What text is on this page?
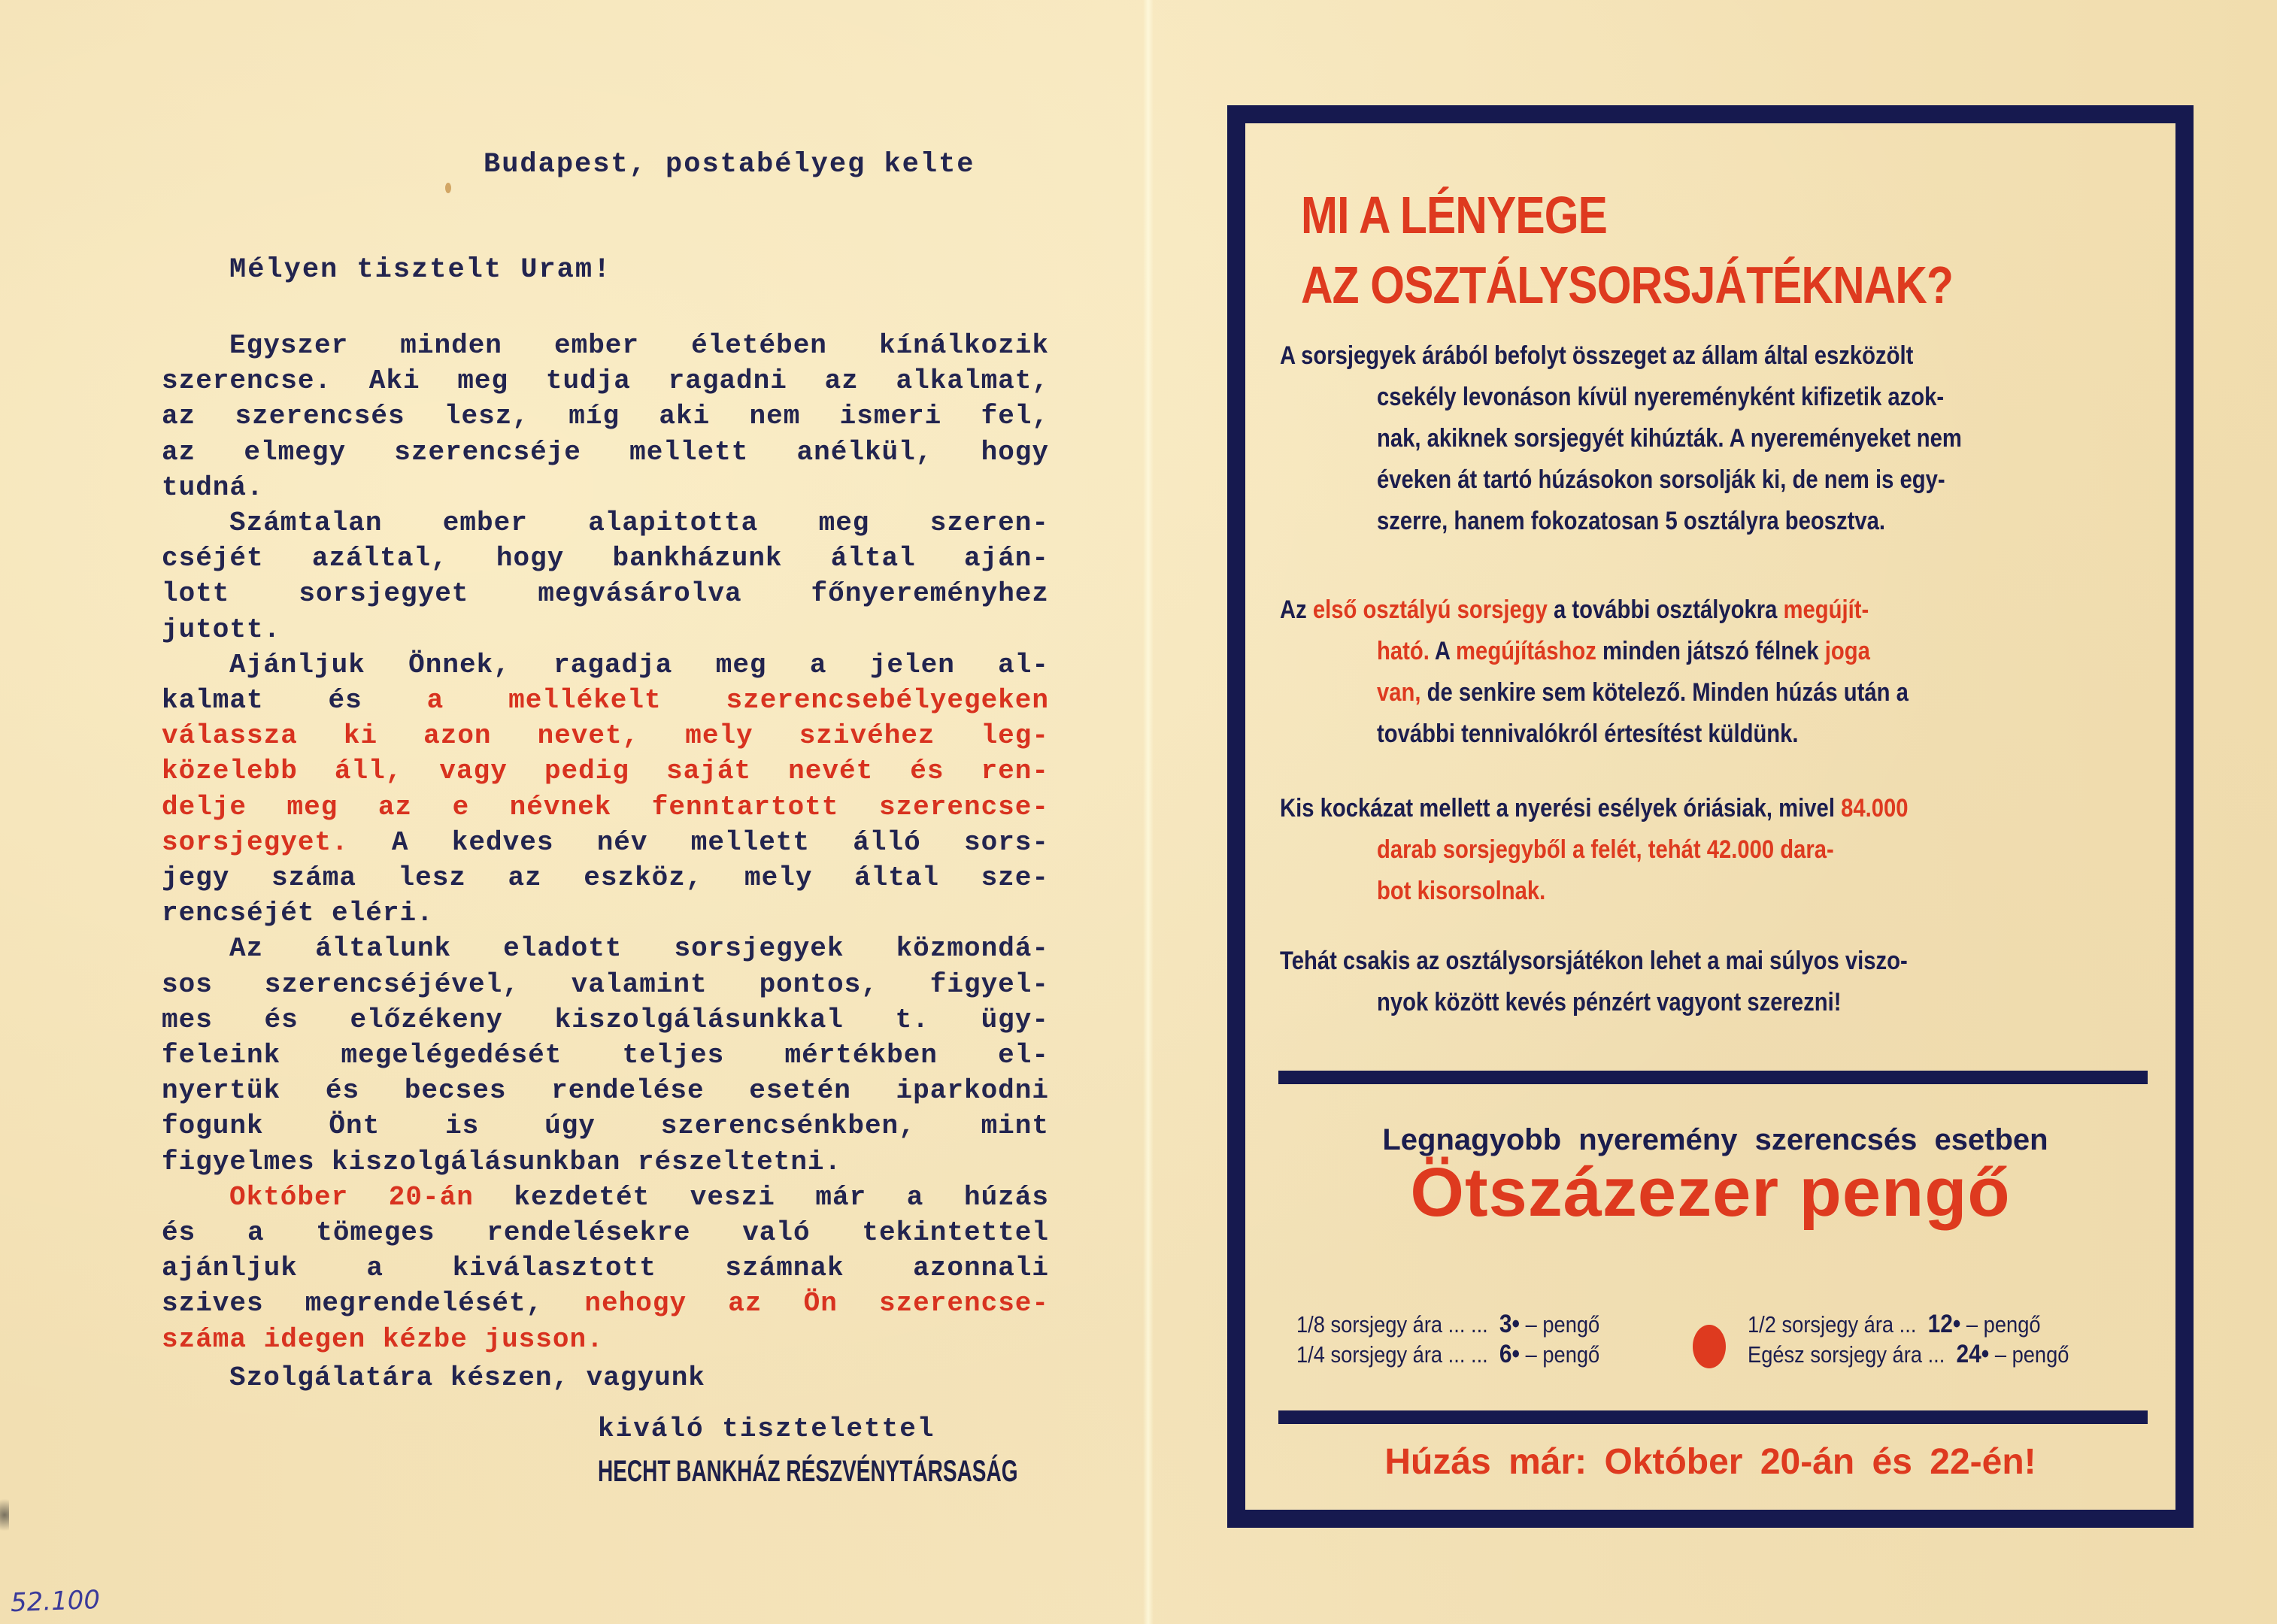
Budapest, postabélyeg kelte
Mélyen tisztelt Uram!
Egyszer minden ember életében kínálkozik
szerencse. Aki meg tudja ragadni az alkalmat,
az szerencsés lesz, míg aki nem ismeri fel,
az elmegy szerencséje mellett anélkül, hogy
tudná.
Számtalan ember alapitotta meg szeren-
cséjét azáltal, hogy bankházunk által aján-
lott sorsjegyet megvásárolva főnyereményhez
jutott.
Ajánljuk Önnek, ragadja meg a jelen al-
kalmat és a mellékelt szerencsebélyegeken
válassza ki azon nevet, mely szivéhez leg-
közelebb áll, vagy pedig saját nevét és ren-
delje meg az e névnek fenntartott szerencse-
sorsjegyet. A kedves név mellett álló sors-
jegy száma lesz az eszköz, mely által sze-
rencséjét eléri.
Az általunk eladott sorsjegyek közmondá-
sos szerencséjével, valamint pontos, figyel-
mes és előzékeny kiszolgálásunkkal t. ügy-
feleink megelégedését teljes mértékben el-
nyertük és becses rendelése esetén iparkodni
fogunk Önt is úgy szerencsénkben, mint
figyelmes kiszolgálásunkban részeltetni.
Október 20-án kezdetét veszi már a húzás
és a tömeges rendelésekre való tekintettel
ajánljuk a kiválasztott számnak azonnali
szives megrendelését, nehogy az Ön szerencse-
száma idegen kézbe jusson.
Szolgálatára készen, vagyunk
kiváló tisztelettel
HECHT BANKHÁZ RÉSZVÉNYTÁRSASÁG
52.100
MI A LÉNYEGE
AZ OSZTÁLYSORSJÁTÉKNAK?
A sorsjegyek árából befolyt összeget az állam által eszközölt
csekély levonáson kívül nyereményként kifizetik azok-
nak, akiknek sorsjegyét kihúzták. A nyereményeket nem
éveken át tartó húzásokon sorsolják ki, de nem is egy-
szerre, hanem fokozatosan 5 osztályra beosztva.
Az első osztályú sorsjegy a további osztályokra megújít-
ható. A megújításhoz minden játszó félnek joga
van, de senkire sem kötelező. Minden húzás után a
további tennivalókról értesítést küldünk.
Kis kockázat mellett a nyerési esélyek óriásiak, mivel 84.000
darab sorsjegyből a felét, tehát 42.000 dara-
bot kisorsolnak.
Tehát csakis az osztálysorsjátékon lehet a mai súlyos viszo-
nyok között kevés pénzért vagyont szerezni!
Legnagyobb nyeremény szerencsés esetben
Ötszázezer pengő
1/8 sorsjegy ára ... ... 3• – pengő
1/4 sorsjegy ára ... ... 6• – pengő
1/2 sorsjegy ára ... 12• – pengő
Egész sorsjegy ára ... 24• – pengő
Húzás már: Október 20-án és 22-én!
